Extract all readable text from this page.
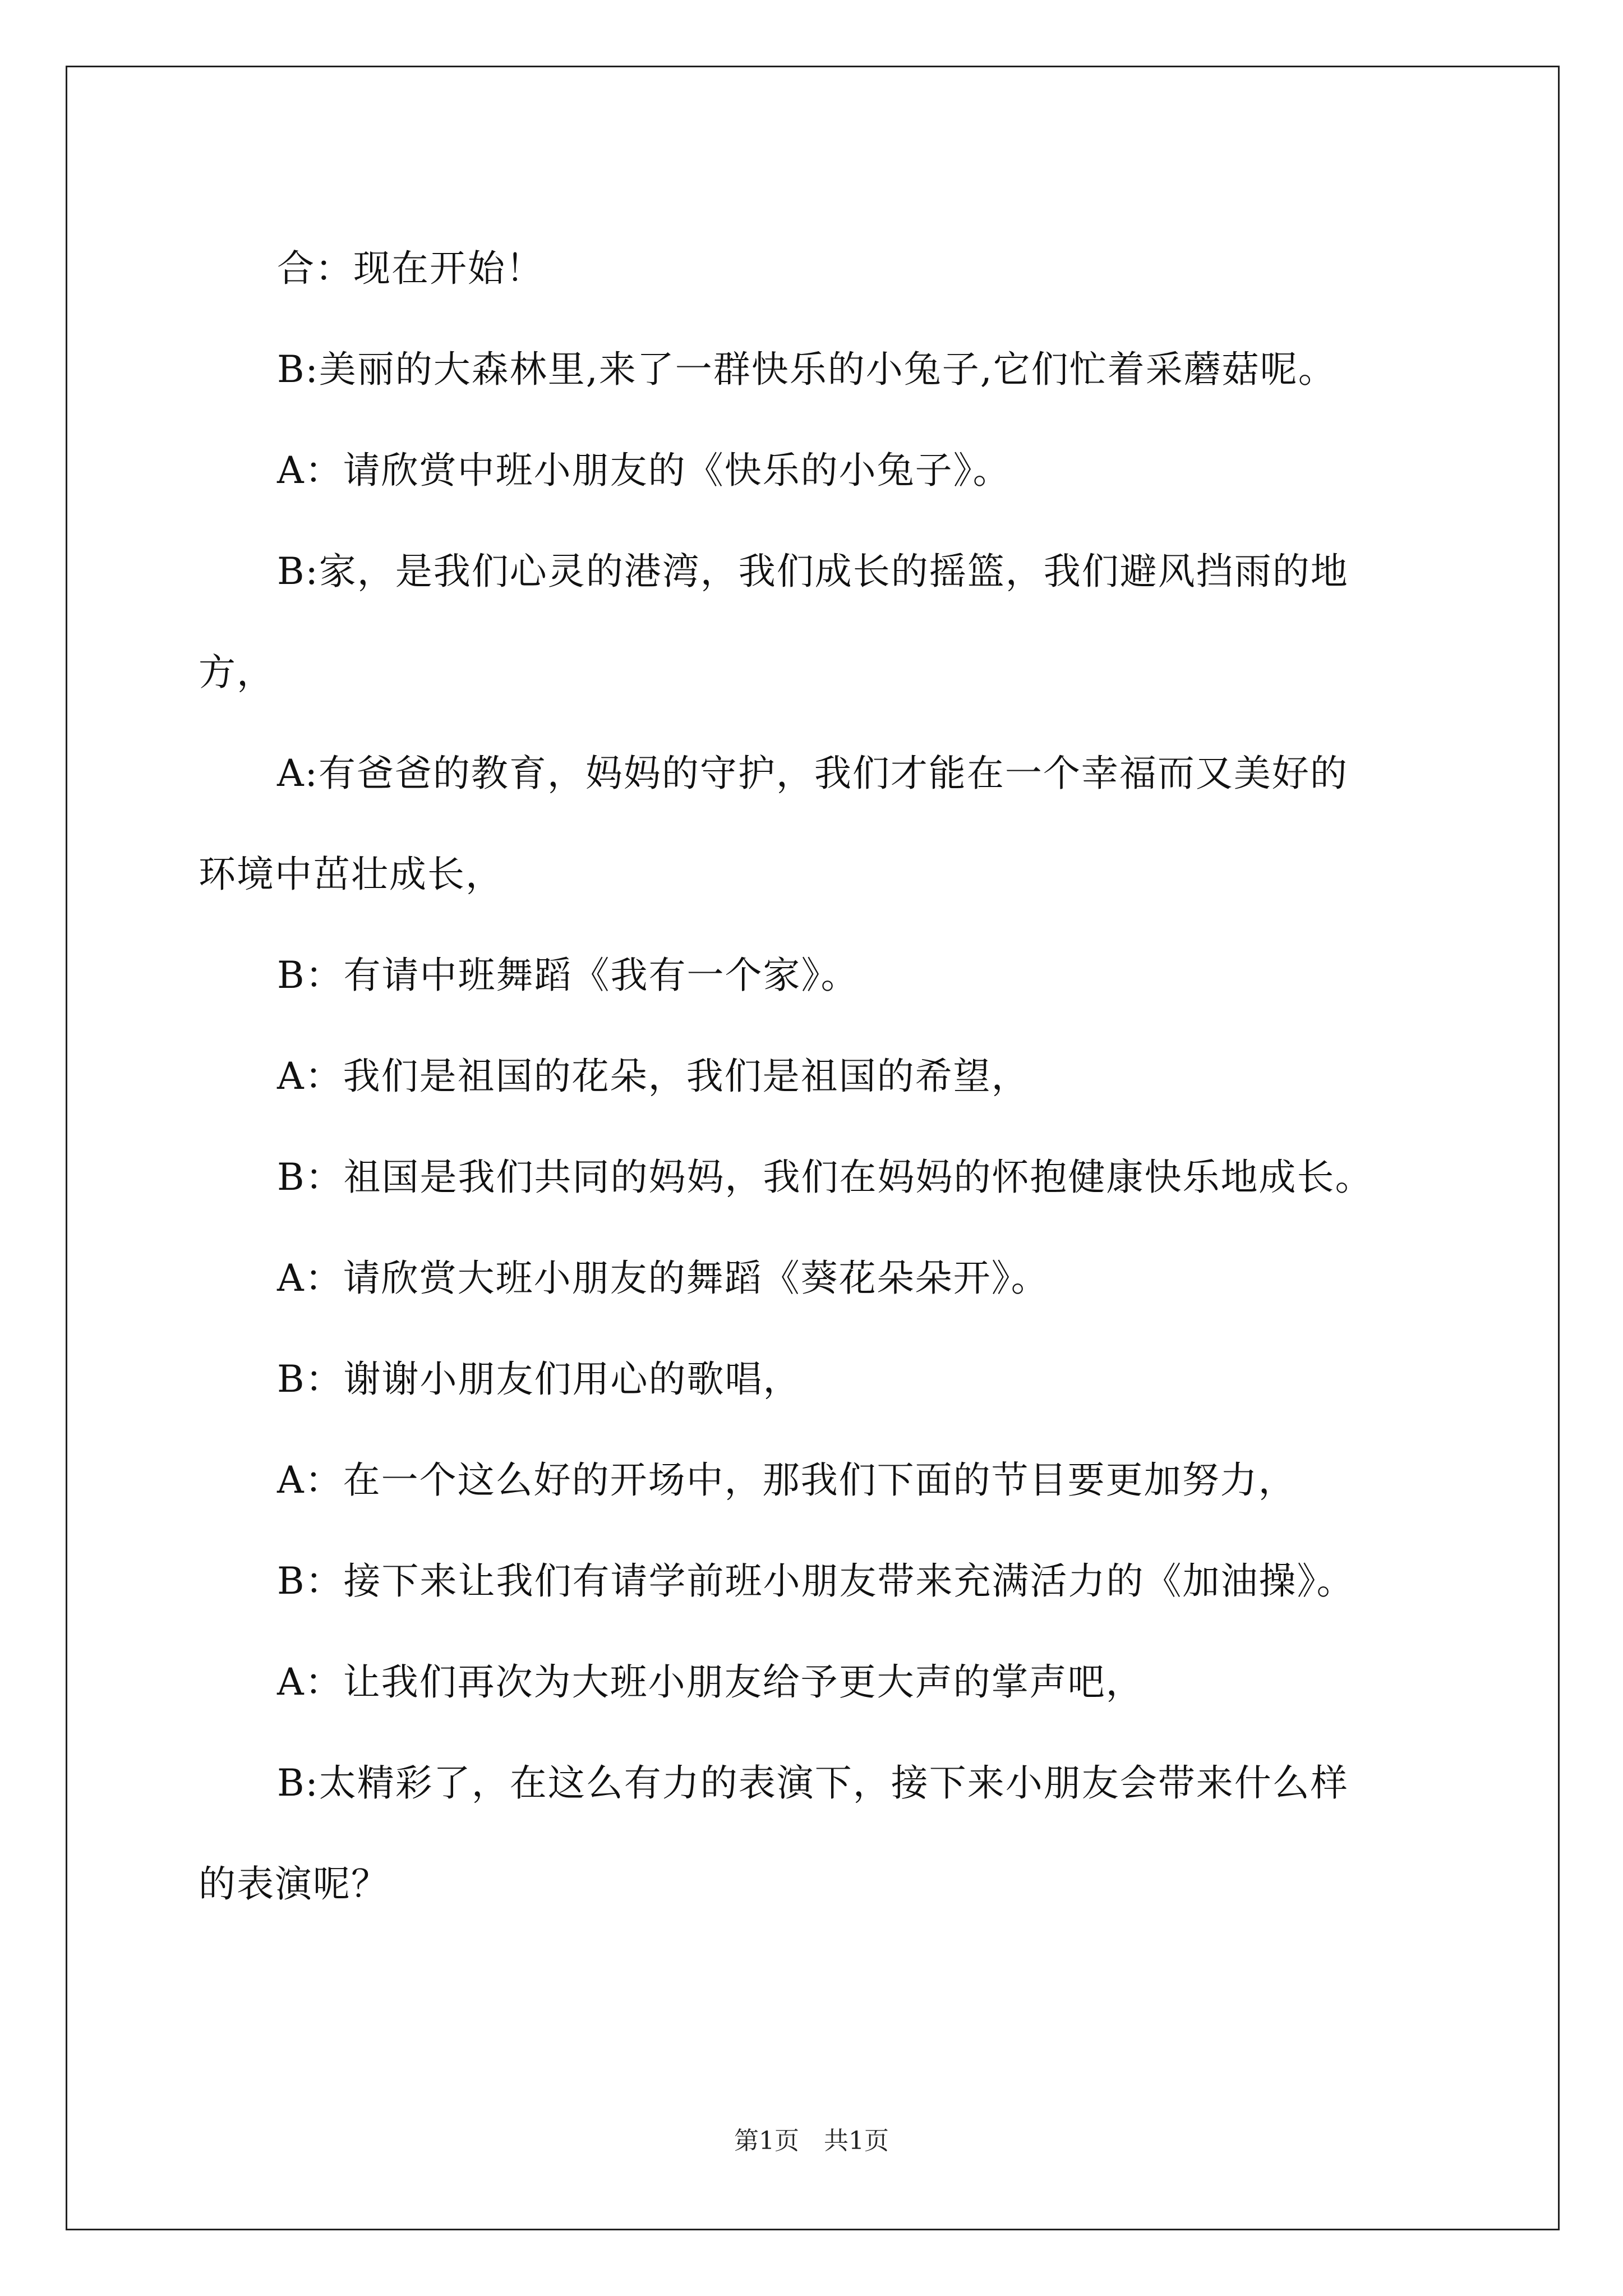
合：现在开始！

B:美丽的大森林里,来了一群快乐的小兔子,它们忙着采蘑菇呢。

A：请欣赏中班小朋友的《快乐的小兔子》。

B:家，是我们心灵的港湾，我们成长的摇篮，我们避风挡雨的地

方，

A:有爸爸的教育，妈妈的守护，我们才能在一个幸福而又美好的

环境中茁壮成长，

B：有请中班舞蹈《我有一个家》。

A：我们是祖国的花朵，我们是祖国的希望，

B：祖国是我们共同的妈妈，我们在妈妈的怀抱健康快乐地成长。

A：请欣赏大班小朋友的舞蹈《葵花朵朵开》。

B：谢谢小朋友们用心的歌唱，

A：在一个这么好的开场中，那我们下面的节目要更加努力，

B：接下来让我们有请学前班小朋友带来充满活力的《加油操》。

A：让我们再次为大班小朋友给予更大声的掌声吧，

B:太精彩了，在这么有力的表演下，接下来小朋友会带来什么样

的表演呢？

第1页　共1页
